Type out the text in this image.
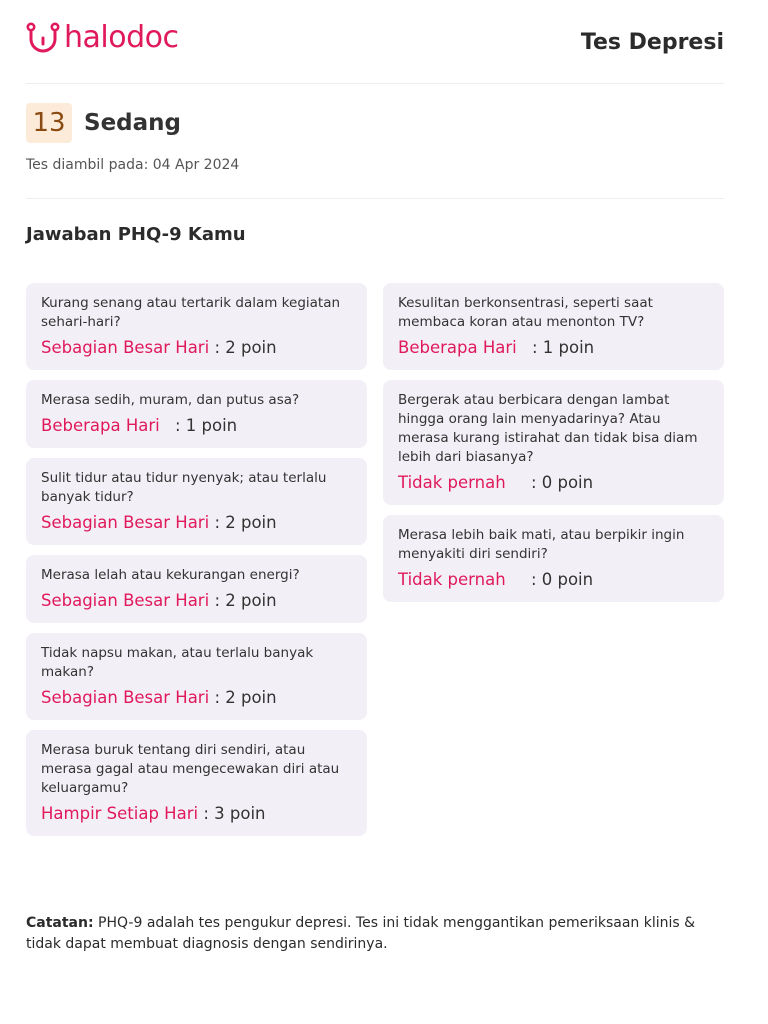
halodoc	Tes Depresi
13 Sedang
Tes diambil pada: 04 Apr 2024
Jawaban PHQ-9 Kamu
Kurang senang atau tertarik dalam kegiatan sehari-hari?
Sebagian Besar Hari : 2 poin
Merasa sedih, muram, dan putus asa?
Beberapa Hari : 1 poin
Sulit tidur atau tidur nyenyak; atau terlalu banyak tidur?
Sebagian Besar Hari : 2 poin
Merasa lelah atau kekurangan energi?
Sebagian Besar Hari : 2 poin
Tidak napsu makan, atau terlalu banyak makan?
Sebagian Besar Hari : 2 poin
Merasa buruk tentang diri sendiri, atau merasa gagal atau mengecewakan diri atau keluargamu?
Hampir Setiap Hari : 3 poin
Kesulitan berkonsentrasi, seperti saat membaca koran atau menonton TV?
Beberapa Hari : 1 poin
Bergerak atau berbicara dengan lambat hingga orang lain menyadarinya? Atau merasa kurang istirahat dan tidak bisa diam lebih dari biasanya?
Tidak pernah : 0 poin
Merasa lebih baik mati, atau berpikir ingin menyakiti diri sendiri?
Tidak pernah : 0 poin
Catatan: PHQ-9 adalah tes pengukur depresi. Tes ini tidak menggantikan pemeriksaan klinis & tidak dapat membuat diagnosis dengan sendirinya.
